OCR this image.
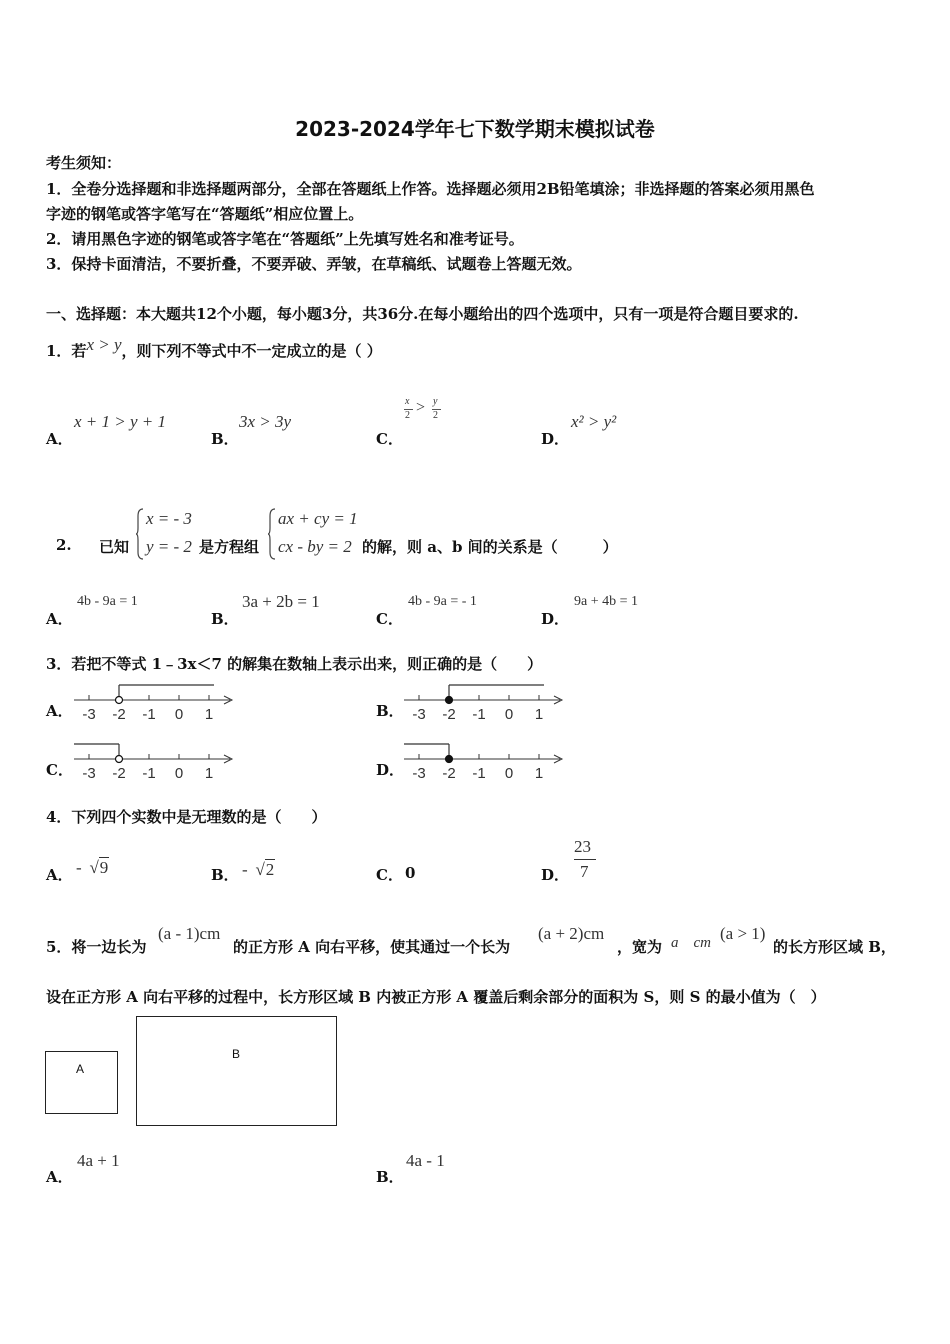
2023-2024学年七下数学期末模拟试卷
考生须知：
1．全卷分选择题和非选择题两部分，全部在答题纸上作答。选择题必须用2B铅笔填涂；非选择题的答案必须用黑色
字迹的钢笔或答字笔写在“答题纸”相应位置上。
2．请用黑色字迹的钢笔或答字笔在“答题纸”上先填写姓名和准考证号。
3．保持卡面清洁，不要折叠，不要弄破、弄皱，在草稿纸、试题卷上答题无效。
一、选择题：本大题共12个小题，每小题3分，共36分.在每小题给出的四个选项中，只有一项是符合题目要求的.
1．若x > y，则下列不等式中不一定成立的是（ ）
A．
x + 1 > y + 1
B．
3x > 3y
C．
x
2 > y
2
D．
x² > y²
2. 已知
x = - 3
y = - 2 是方程组
ax + cy = 1
cx - by = 2 的解，则 a、b 间的关系是（　　　）
A．
4b - 9a = 1
B．
3a + 2b = 1
C．
4b - 9a = - 1
D．
9a + 4b = 1
3．若把不等式 1﹣3x＜7 的解集在数轴上表示出来，则正确的是（　　）
A． -3 -2 -1 0 1	B． -3 -2 -1 0 1
C． -3 -2 -1 0 1	D． -3 -2 -1 0 1
4．下列四个实数中是无理数的是（　　）
A． - √9	B． - √2	C． 0	D．
23
7
5．将一边长为
(a - 1)cm
的正方形 A 向右平移，使其通过一个长为
(a + 2)cm
，宽为 a　cm (a > 1)
的长方形区域 B，
设在正方形 A 向右平移的过程中，长方形区域 B 内被正方形 A 覆盖后剩余部分的面积为 S，则 S 的最小值为（　）
A
B
A．
4a + 1
B．
4a - 1
